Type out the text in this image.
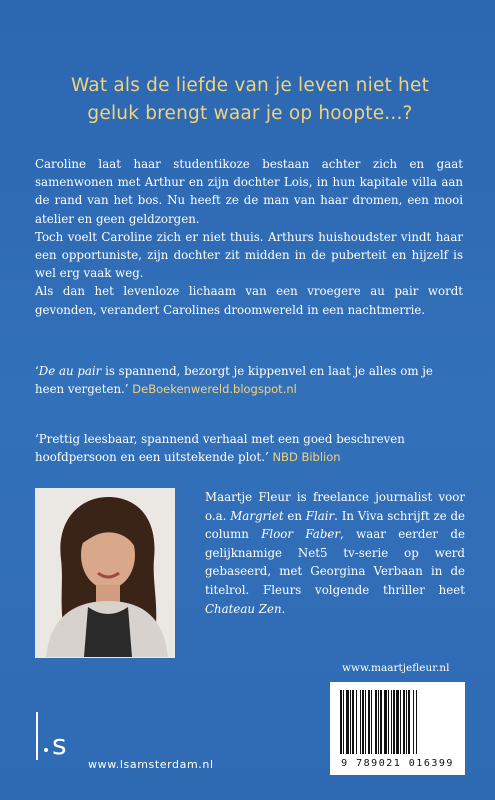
Wat als de liefde van je leven niet het geluk brengt waar je op hoopte...?

Caroline laat haar studentikoze bestaan achter zich en gaat samenwonen met Arthur en zijn dochter Lois, in hun kapitale villa aan de rand van het bos. Nu heeft ze de man van haar dromen, een mooi atelier en geen geldzorgen.

Toch voelt Caroline zich er niet thuis. Arthurs huishoudster vindt haar een opportuniste, zijn dochter zit midden in de puberteit en hijzelf is wel erg vaak weg.

Als dan het levenloze lichaam van een vroegere au pair wordt gevonden, verandert Carolines droomwereld in een nachtmerrie.

‘De au pair is spannend, bezorgt je kippenvel en laat je alles om je heen vergeten.’ DeBoekenwereld.blogspot.nl
‘Prettig leesbaar, spannend verhaal met een goed beschreven hoofdpersoon en een uitstekende plot.’ NBD Biblion
Maartje Fleur is freelance journalist voor o.a. Margriet en Flair. In Viva schrijft ze de column Floor Faber, waar eerder de gelijknamige Net5 tv-serie op werd gebaseerd, met Georgina Verbaan in de titelrol. Fleurs volgende thriller heet Chateau Zen.
www.maartjefleur.nl
9 789021 016399
s
www.lsamsterdam.nl
